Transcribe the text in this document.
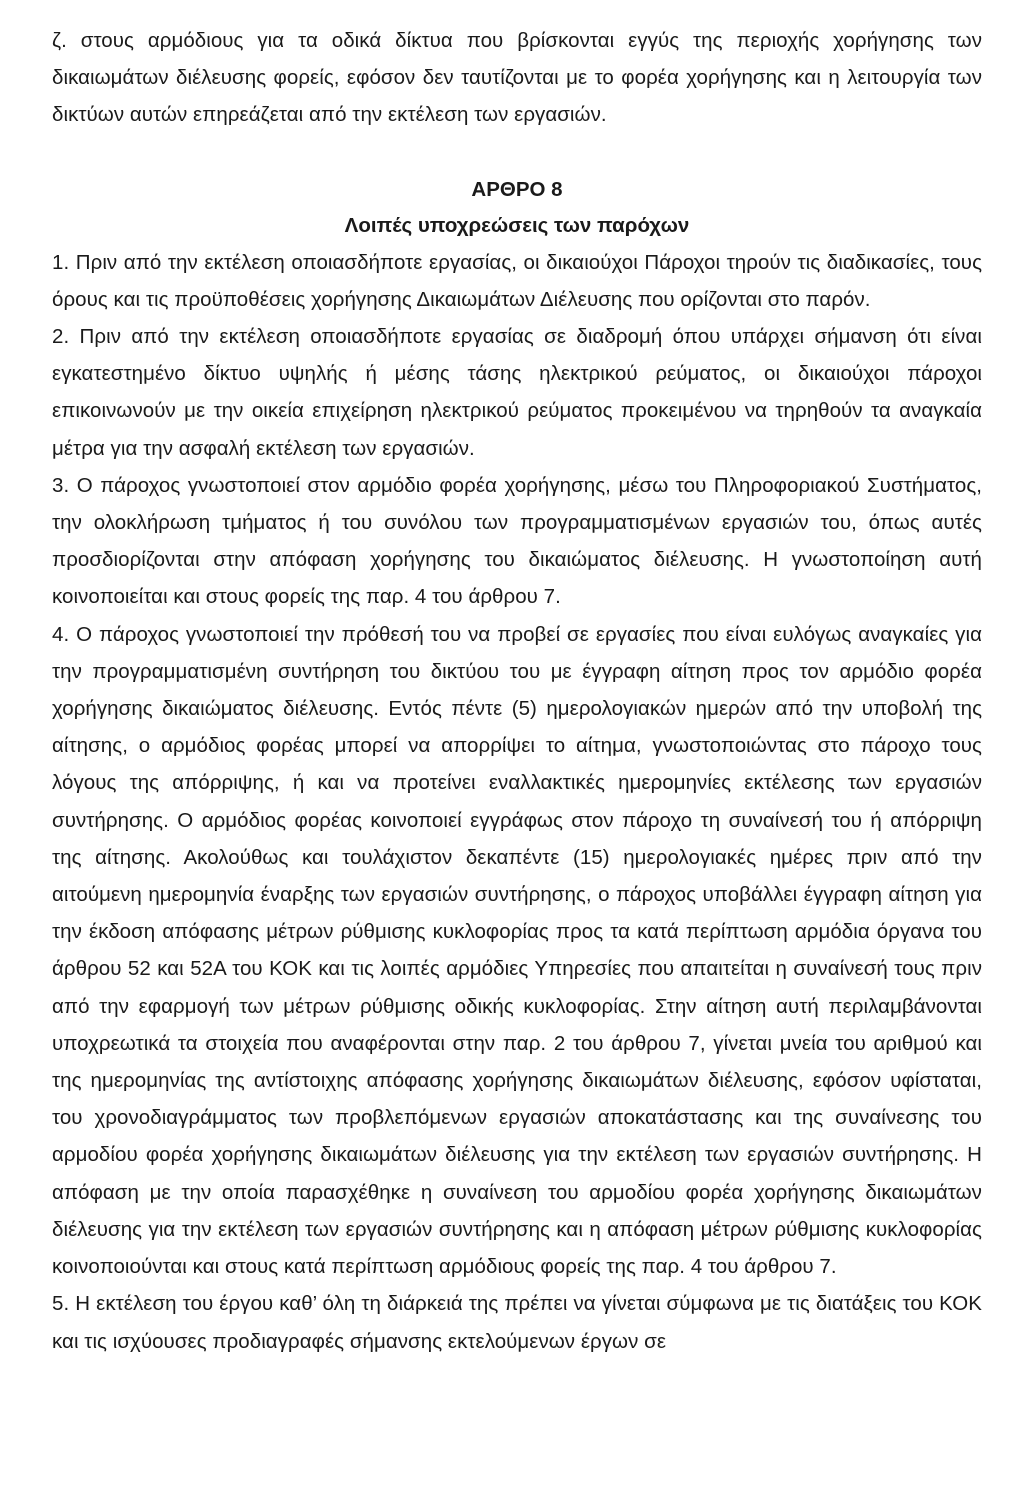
ζ. στους αρμόδιους για τα οδικά δίκτυα που βρίσκονται εγγύς της περιοχής χορήγησης των δικαιωμάτων διέλευσης φορείς, εφόσον δεν ταυτίζονται με το φορέα χορήγησης και η λειτουργία των δικτύων αυτών επηρεάζεται από την εκτέλεση των εργασιών.

ΑΡΘΡΟ 8

Λοιπές υποχρεώσεις των παρόχων

1. Πριν από την εκτέλεση οποιασδήποτε εργασίας, οι δικαιούχοι Πάροχοι τηρούν τις διαδικασίες, τους όρους και τις προϋποθέσεις χορήγησης Δικαιωμάτων Διέλευσης που ορίζονται στο παρόν.

2. Πριν από την εκτέλεση οποιασδήποτε εργασίας σε διαδρομή όπου υπάρχει σήμανση ότι είναι εγκατεστημένο δίκτυο υψηλής ή μέσης τάσης ηλεκτρικού ρεύματος, οι δικαιούχοι πάροχοι επικοινωνούν με την οικεία επιχείρηση ηλεκτρικού ρεύματος προκειμένου να τηρηθούν τα αναγκαία μέτρα για την ασφαλή εκτέλεση των εργασιών.

3. Ο πάροχος γνωστοποιεί στον αρμόδιο φορέα χορήγησης, μέσω του Πληροφοριακού Συστήματος, την ολοκλήρωση τμήματος ή του συνόλου των προγραμματισμένων εργασιών του, όπως αυτές προσδιορίζονται στην απόφαση χορήγησης του δικαιώματος διέλευσης. Η γνωστοποίηση αυτή κοινοποιείται και στους φορείς της παρ. 4 του άρθρου 7.

4. Ο πάροχος γνωστοποιεί την πρόθεσή του να προβεί σε εργασίες που είναι ευλόγως αναγκαίες για την προγραμματισμένη συντήρηση του δικτύου του με έγγραφη αίτηση προς τον αρμόδιο φορέα χορήγησης δικαιώματος διέλευσης. Εντός πέντε (5) ημερολογιακών ημερών από την υποβολή της αίτησης, ο αρμόδιος φορέας μπορεί να απορρίψει το αίτημα, γνωστοποιώντας στο πάροχο τους λόγους της απόρριψης, ή και να προτείνει εναλλακτικές ημερομηνίες εκτέλεσης των εργασιών συντήρησης. Ο αρμόδιος φορέας κοινοποιεί εγγράφως στον πάροχο τη συναίνεσή του ή απόρριψη της αίτησης. Ακολούθως και τουλάχιστον δεκαπέντε (15) ημερολογιακές ημέρες πριν από την αιτούμενη ημερομηνία έναρξης των εργασιών συντήρησης, ο πάροχος υποβάλλει έγγραφη αίτηση για την έκδοση απόφασης μέτρων ρύθμισης κυκλοφορίας προς τα κατά περίπτωση αρμόδια όργανα του άρθρου 52 και 52Α του ΚΟΚ και τις λοιπές αρμόδιες Υπηρεσίες που απαιτείται η συναίνεσή τους πριν από την εφαρμογή των μέτρων ρύθμισης οδικής κυκλοφορίας. Στην αίτηση αυτή περιλαμβάνονται υποχρεωτικά τα στοιχεία που αναφέρονται στην παρ. 2 του άρθρου 7, γίνεται μνεία του αριθμού και της ημερομηνίας της αντίστοιχης απόφασης χορήγησης δικαιωμάτων διέλευσης, εφόσον υφίσταται, του χρονοδιαγράμματος των προβλεπόμενων εργασιών αποκατάστασης και της συναίνεσης του αρμοδίου φορέα χορήγησης δικαιωμάτων διέλευσης για την εκτέλεση των εργασιών συντήρησης. Η απόφαση με την οποία παρασχέθηκε η συναίνεση του αρμοδίου φορέα χορήγησης δικαιωμάτων διέλευσης για την εκτέλεση των εργασιών συντήρησης και η απόφαση μέτρων ρύθμισης κυκλοφορίας κοινοποιούνται και στους κατά περίπτωση αρμόδιους φορείς της παρ. 4 του άρθρου 7.

5. Η εκτέλεση του έργου καθ’ όλη τη διάρκειά της πρέπει να γίνεται σύμφωνα με τις διατάξεις του ΚΟΚ και τις ισχύουσες προδιαγραφές σήμανσης εκτελούμενων έργων σε
